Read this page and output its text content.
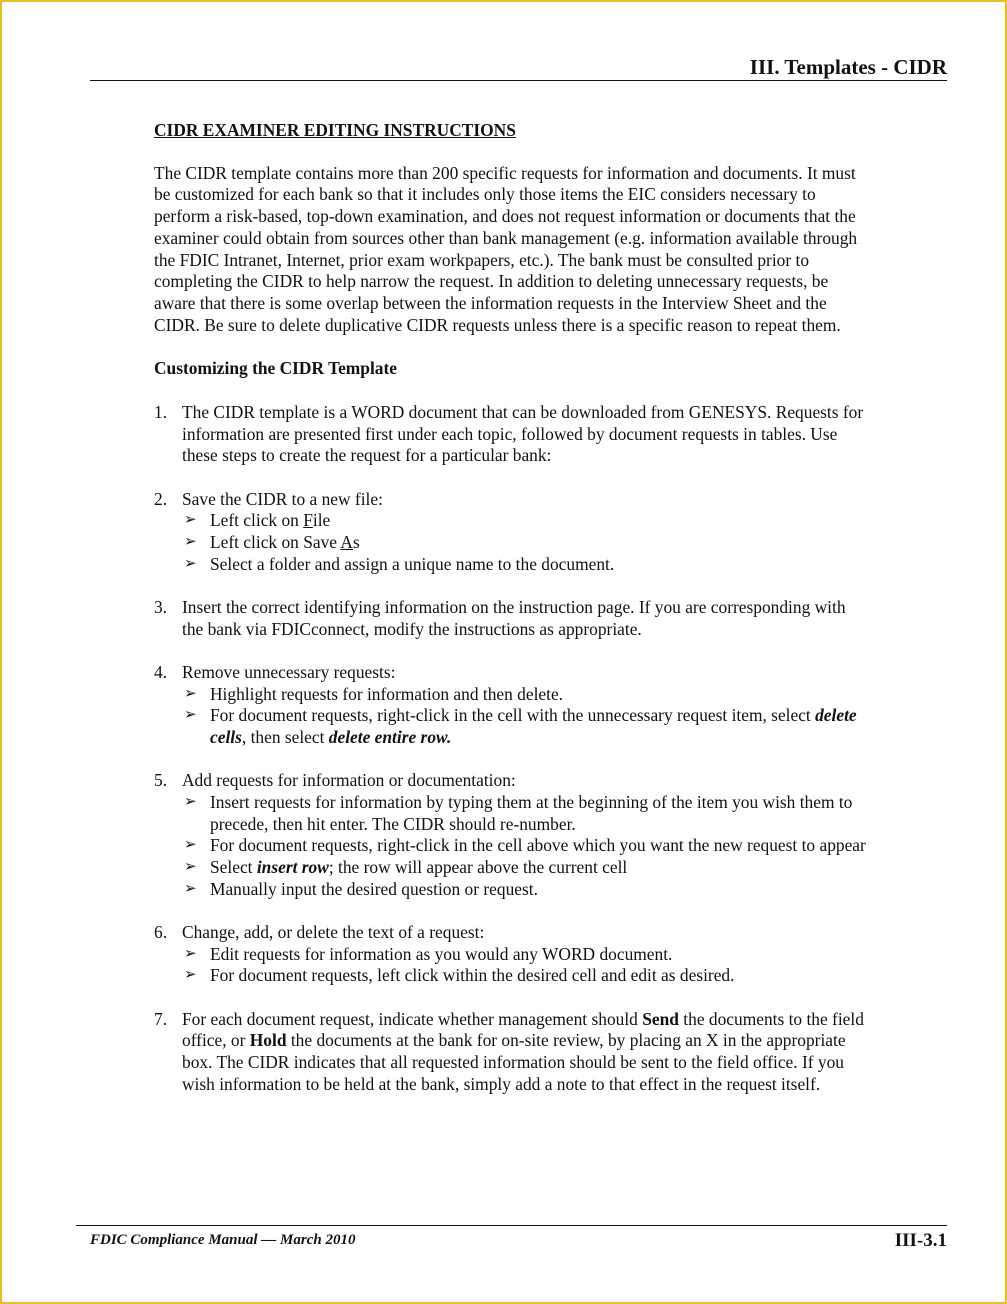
III. Templates - CIDR
CIDR EXAMINER EDITING INSTRUCTIONS

The CIDR template contains more than 200 specific requests for information and documents. It must be customized for each bank so that it includes only those items the EIC considers necessary to perform a risk-based, top-down examination, and does not request information or documents that the examiner could obtain from sources other than bank management (e.g. information available through the FDIC Intranet, Internet, prior exam workpapers, etc.). The bank must be consulted prior to completing the CIDR to help narrow the request. In addition to deleting unnecessary requests, be aware that there is some overlap between the information requests in the Interview Sheet and the CIDR. Be sure to delete duplicative CIDR requests unless there is a specific reason to repeat them.

Customizing the CIDR Template
1. The CIDR template is a WORD document that can be downloaded from GENESYS. Requests for information are presented first under each topic, followed by document requests in tables. Use these steps to create the request for a particular bank:
2. Save the CIDR to a new file:
➢ Left click on File
➢ Left click on Save As
➢ Select a folder and assign a unique name to the document.
3. Insert the correct identifying information on the instruction page. If you are corresponding with the bank via FDICconnect, modify the instructions as appropriate.
4. Remove unnecessary requests:
➢ Highlight requests for information and then delete.
➢ For document requests, right-click in the cell with the unnecessary request item, select delete cells, then select delete entire row.
5. Add requests for information or documentation:
➢ Insert requests for information by typing them at the beginning of the item you wish them to precede, then hit enter. The CIDR should re-number.
➢ For document requests, right-click in the cell above which you want the new request to appear
➢ Select insert row; the row will appear above the current cell
➢ Manually input the desired question or request.
6. Change, add, or delete the text of a request:
➢ Edit requests for information as you would any WORD document.
➢ For document requests, left click within the desired cell and edit as desired.
7. For each document request, indicate whether management should Send the documents to the field office, or Hold the documents at the bank for on-site review, by placing an X in the appropriate box. The CIDR indicates that all requested information should be sent to the field office. If you wish information to be held at the bank, simply add a note to that effect in the request itself.
FDIC Compliance Manual — March 2010	III-3.1
